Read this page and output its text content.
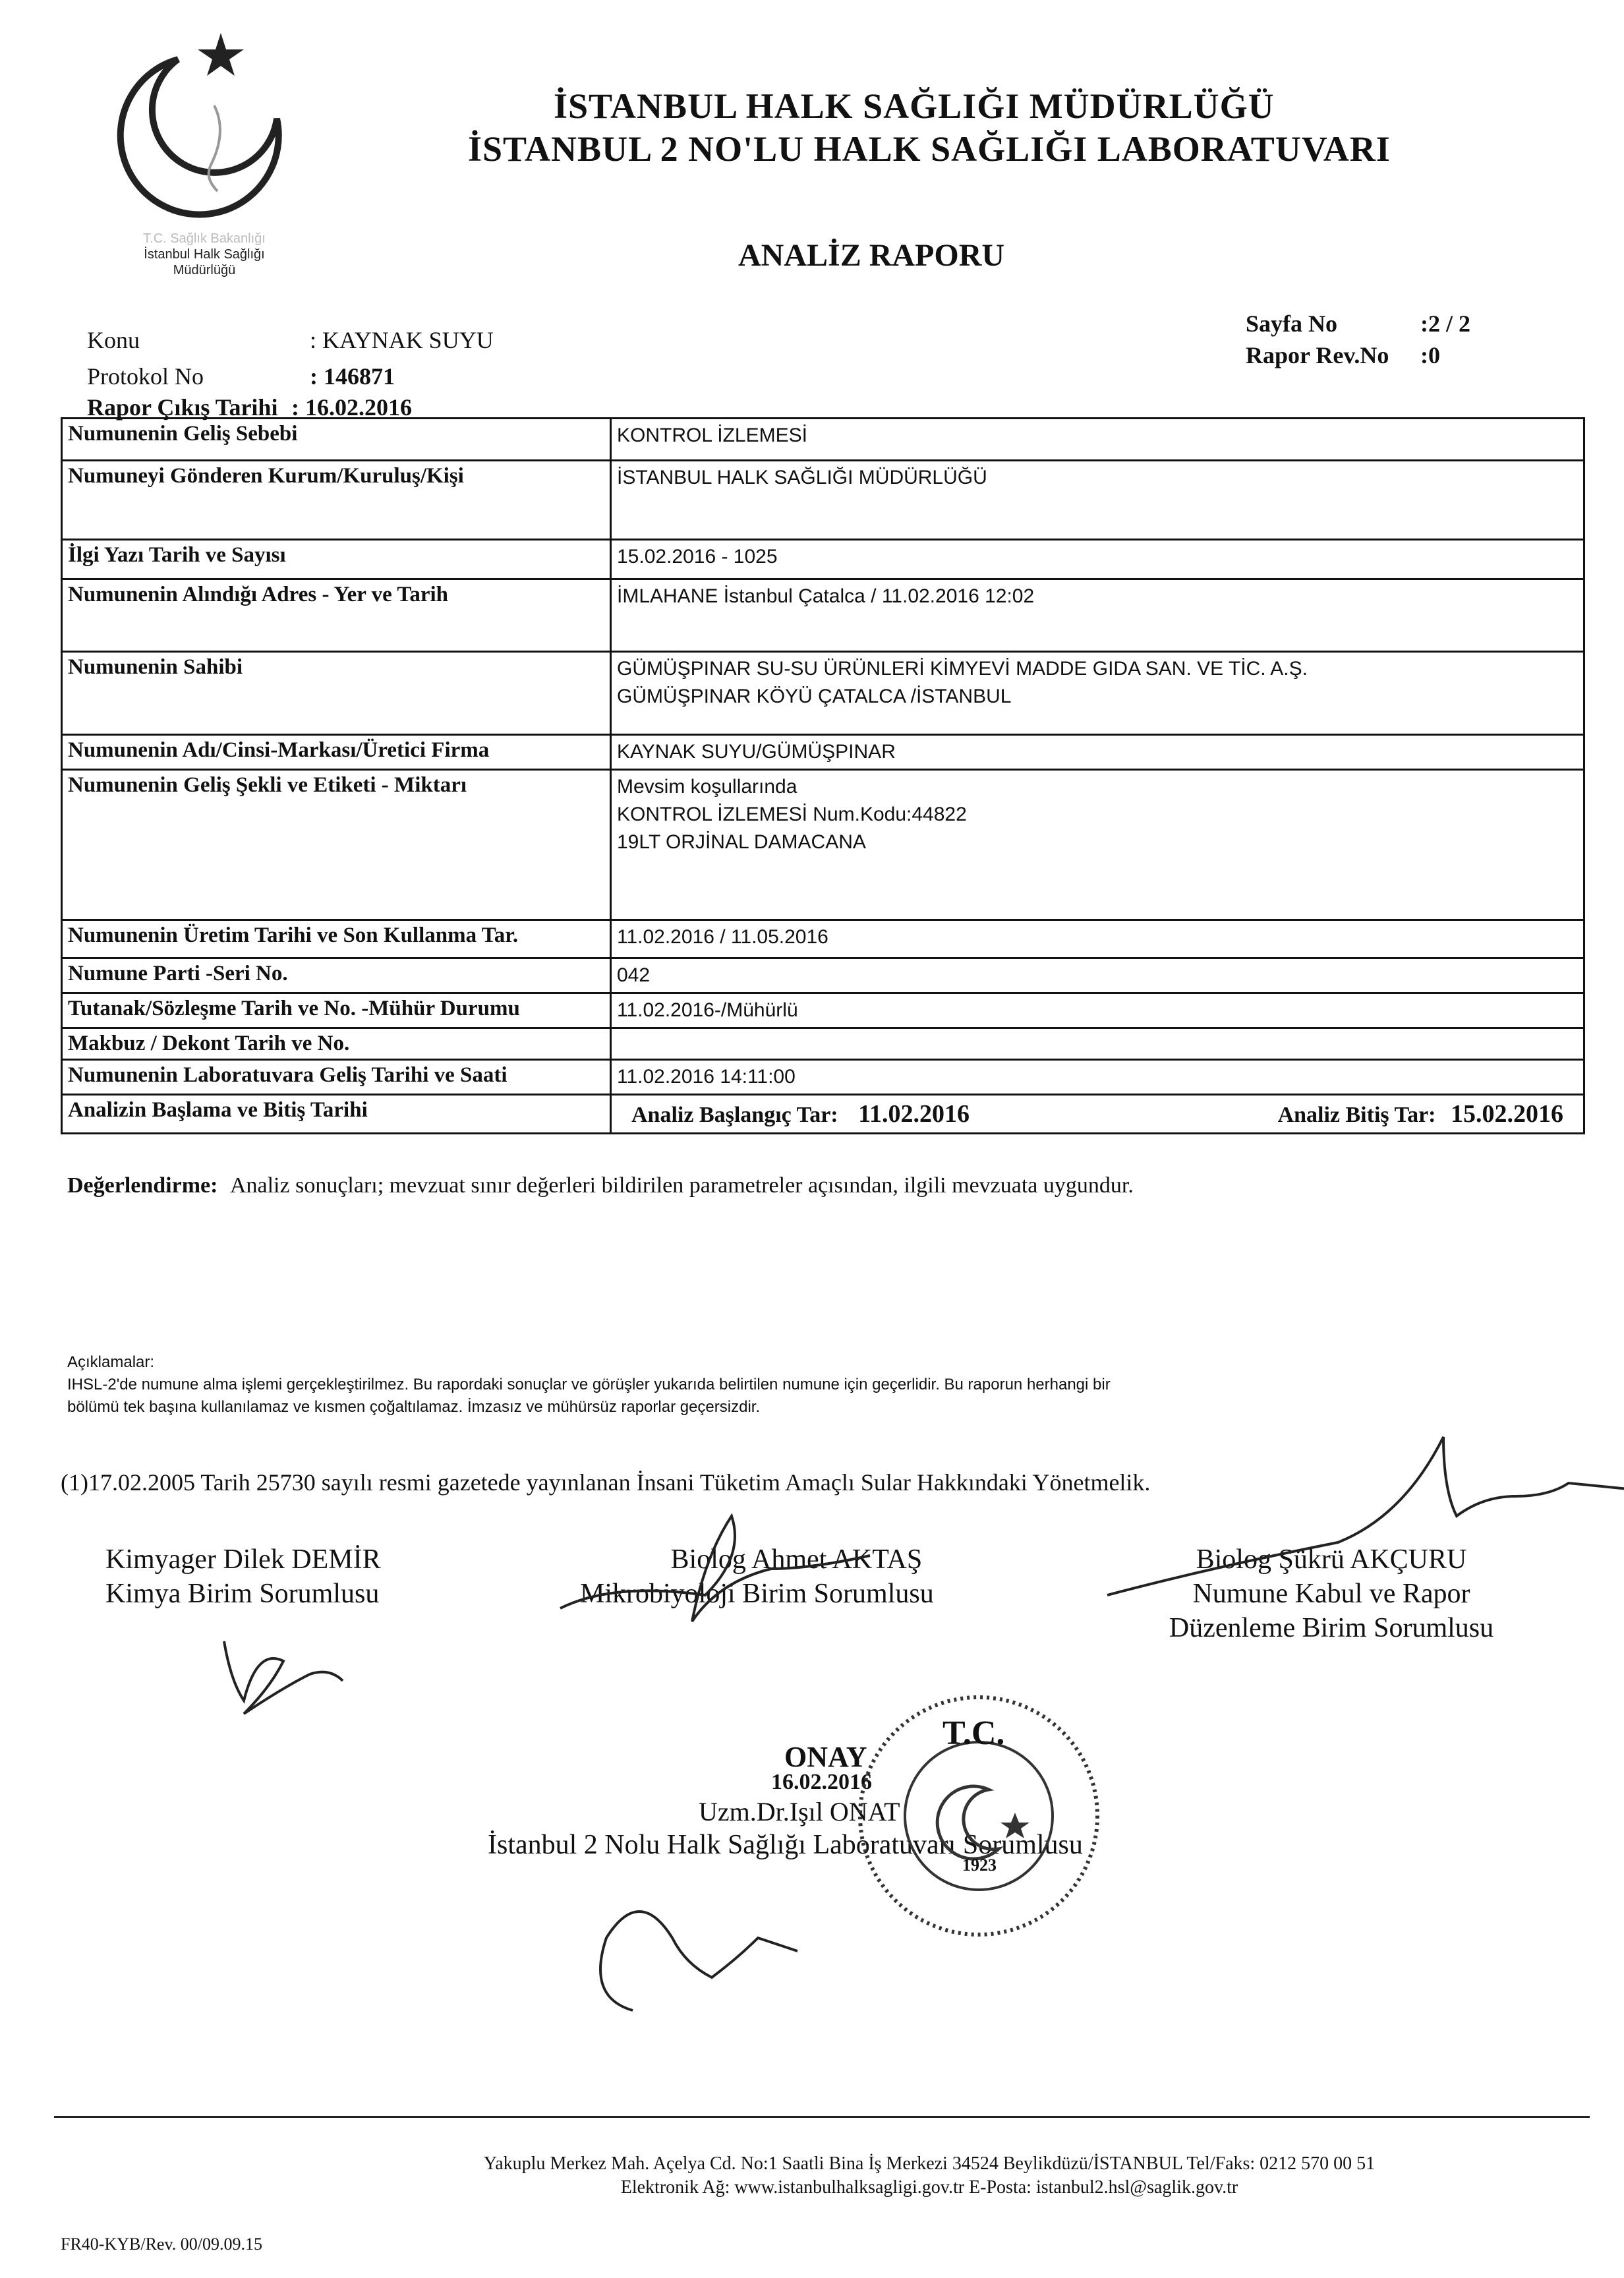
T.C. Sağlık Bakanlığı
İstanbul Halk Sağlığı
Müdürlüğü
İSTANBUL HALK SAĞLIĞI MÜDÜRLÜĞÜ
İSTANBUL 2 NO'LU HALK SAĞLIĞI LABORATUVARI
ANALİZ RAPORU
Konu	: KAYNAK SUYU
Protokol No	: 146871
Rapor Çıkış Tarihi : 16.02.2016
Sayfa No	:2 / 2
Rapor Rev.No :0
Numunenin Geliş Sebebi	KONTROL İZLEMESİ

Numuneyi Gönderen Kurum/Kuruluş/Kişi	İSTANBUL HALK SAĞLIĞI MÜDÜRLÜĞÜ

İlgi Yazı Tarih ve Sayısı	15.02.2016 - 1025

Numunenin Alındığı Adres - Yer ve Tarih	İMLAHANE İstanbul Çatalca / 11.02.2016 12:02

Numunenin Sahibi	GÜMÜŞPINAR SU-SU ÜRÜNLERİ KİMYEVİ MADDE GIDA SAN. VE TİC. A.Ş.
GÜMÜŞPINAR KÖYÜ ÇATALCA /İSTANBUL

Numunenin Adı/Cinsi-Markası/Üretici Firma	KAYNAK SUYU/GÜMÜŞPINAR

Numunenin Geliş Şekli ve Etiketi - Miktarı	Mevsim koşullarında
KONTROL İZLEMESİ Num.Kodu:44822
19LT ORJİNAL DAMACANA

Numunenin Üretim Tarihi ve Son Kullanma Tar.	11.02.2016 / 11.05.2016

Numune Parti -Seri No.	042

Tutanak/Sözleşme Tarih ve No. -Mühür Durumu	11.02.2016-/Mühürlü

Makbuz / Dekont Tarih ve No.	

Numunenin Laboratuvara Geliş Tarihi ve Saati	11.02.2016 14:11:00

Analizin Başlama ve Bitiş Tarihi	Analiz Başlangıç Tar: 11.02.2016 Analiz Bitiş Tar: 15.02.2016
Değerlendirme: Analiz sonuçları; mevzuat sınır değerleri bildirilen parametreler açısından, ilgili mevzuata uygundur.
Açıklamalar:
IHSL-2'de numune alma işlemi gerçekleştirilmez. Bu rapordaki sonuçlar ve görüşler yukarıda belirtilen numune için geçerlidir. Bu raporun herhangi bir
bölümü tek başına kullanılamaz ve kısmen çoğaltılamaz. İmzasız ve mühürsüz raporlar geçersizdir.
(1)17.02.2005 Tarih 25730 sayılı resmi gazetede yayınlanan İnsani Tüketim Amaçlı Sular Hakkındaki Yönetmelik.
Kimyager Dilek DEMİR
Kimya Birim Sorumlusu
Biolog Ahmet AKTAŞ
Mikrobiyoloji Birim Sorumlusu
Biolog Şükrü AKÇURU
Numune Kabul ve Rapor
Düzenleme Birim Sorumlusu
ONAY
16.02.2016
Uzm.Dr.Işıl ONAT
İstanbul 2 Nolu Halk Sağlığı Laboratuvarı Sorumlusu
T.C.
1923
Yakuplu Merkez Mah. Açelya Cd. No:1 Saatli Bina İş Merkezi 34524 Beylikdüzü/İSTANBUL Tel/Faks: 0212 570 00 51
Elektronik Ağ: www.istanbulhalksagligi.gov.tr E-Posta: istanbul2.hsl@saglik.gov.tr
FR40-KYB/Rev. 00/09.09.15
